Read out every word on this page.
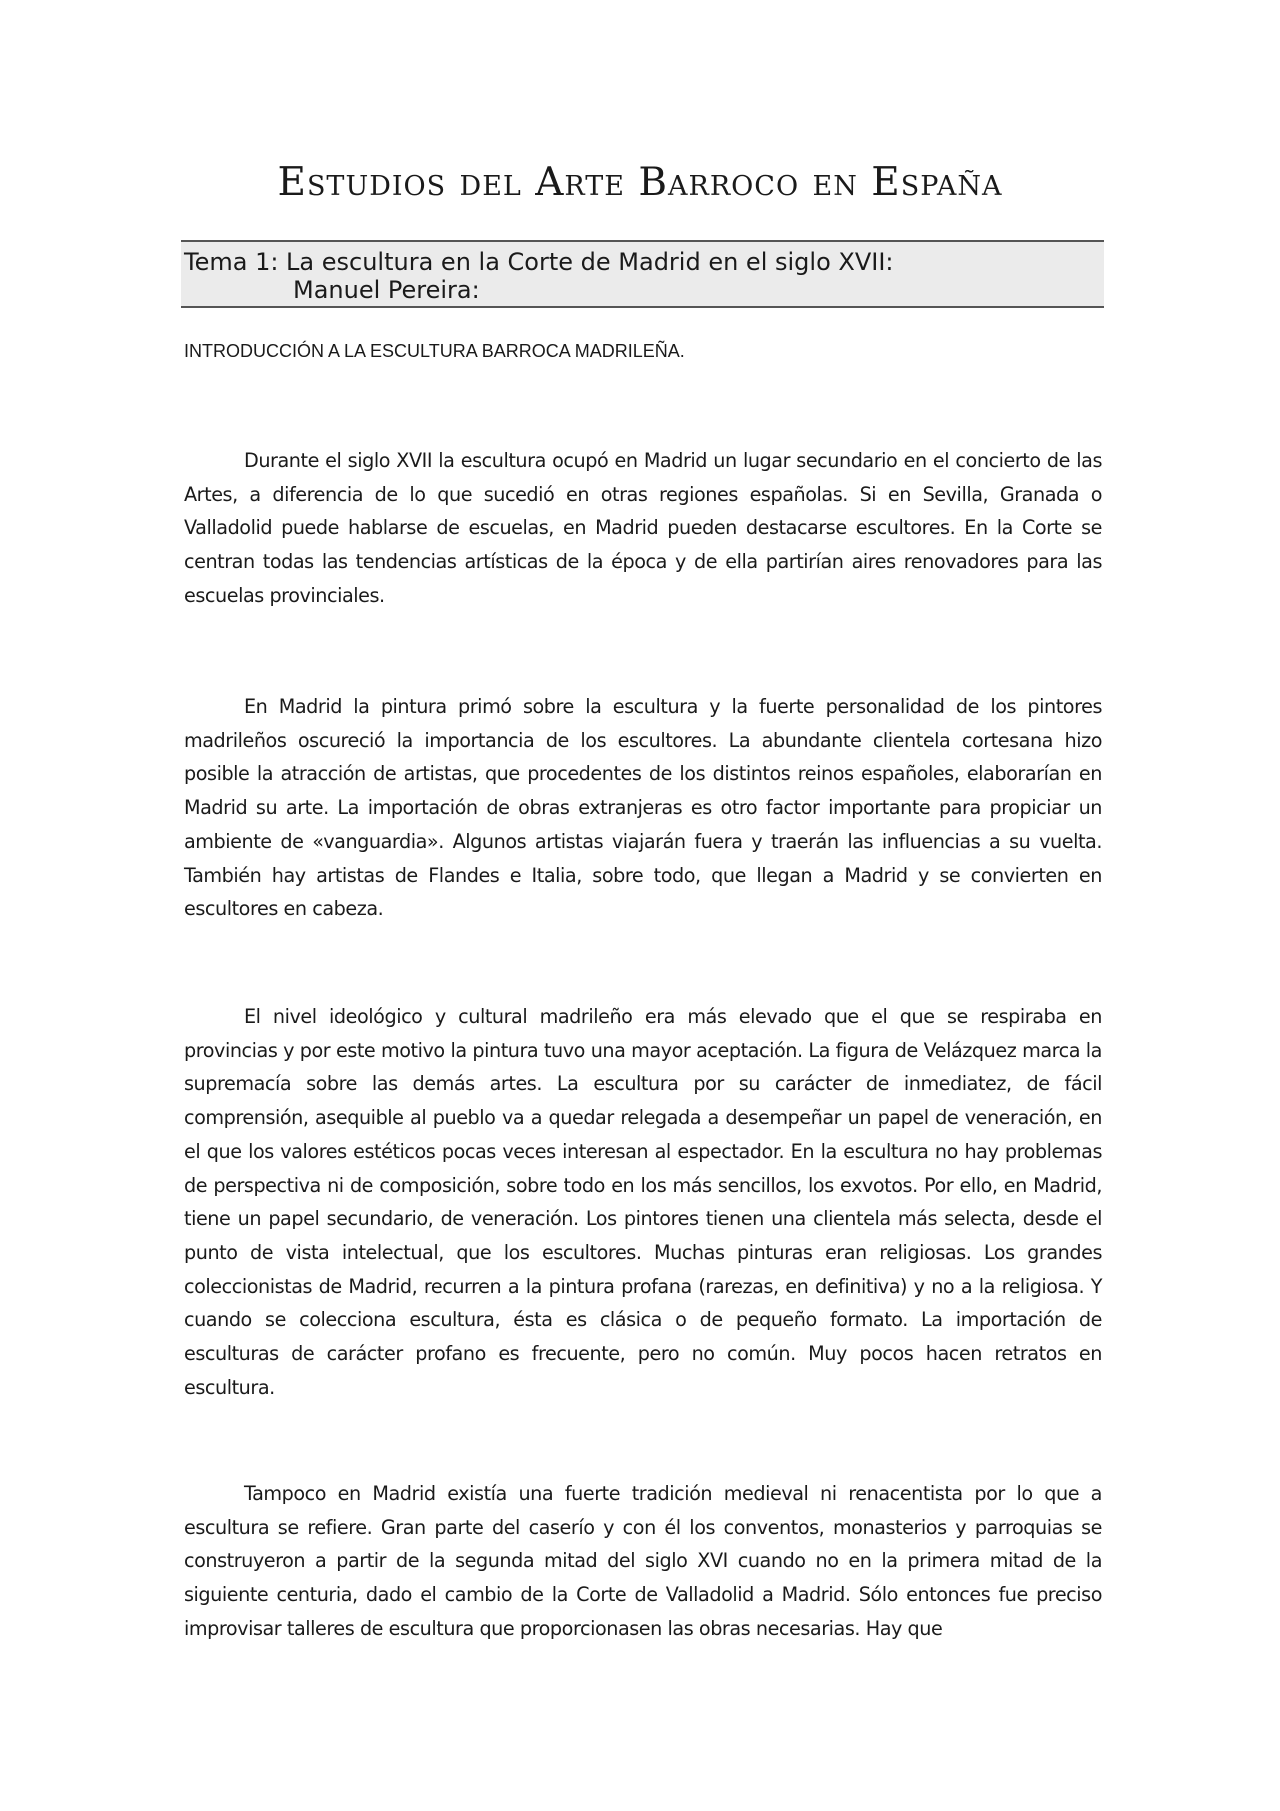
Estudios del Arte Barroco en España
Tema 1: La escultura en la Corte de Madrid en el siglo XVII:
Manuel Pereira:
INTRODUCCIÓN A LA ESCULTURA BARROCA MADRILEÑA.

Durante el siglo XVII la escultura ocupó en Madrid un lugar secundario en el concierto de las Artes, a diferencia de lo que sucedió en otras regiones españolas. Si en Sevilla, Granada o Valladolid puede hablarse de escuelas, en Madrid pueden destacarse escultores. En la Corte se centran todas las tendencias artísticas de la época y de ella partirían aires renovadores para las escuelas provinciales.

En Madrid la pintura primó sobre la escultura y la fuerte personalidad de los pintores madrileños oscureció la importancia de los escultores. La abundante clientela cortesana hizo posible la atracción de artistas, que procedentes de los distintos reinos españoles, elaborarían en Madrid su arte. La importación de obras extranjeras es otro factor importante para propiciar un ambiente de «vanguardia». Algunos artistas viajarán fuera y traerán las influencias a su vuelta. También hay artistas de Flandes e Italia, sobre todo, que llegan a Madrid y se convierten en escultores en cabeza.

El nivel ideológico y cultural madrileño era más elevado que el que se respiraba en provincias y por este motivo la pintura tuvo una mayor aceptación. La figura de Velázquez marca la supremacía sobre las demás artes. La escultura por su carácter de inmediatez, de fácil comprensión, asequible al pueblo va a quedar relegada a desempeñar un papel de veneración, en el que los valores estéticos pocas veces interesan al espectador. En la escultura no hay problemas de perspectiva ni de composición, sobre todo en los más sencillos, los exvotos. Por ello, en Madrid, tiene un papel secundario, de veneración. Los pintores tienen una clientela más selecta, desde el punto de vista intelectual, que los escultores. Muchas pinturas eran religiosas. Los grandes coleccionistas de Madrid, recurren a la pintura profana (rarezas, en definitiva) y no a la religiosa. Y cuando se colecciona escultura, ésta es clásica o de pequeño formato. La importación de esculturas de carácter profano es frecuente, pero no común. Muy pocos hacen retratos en escultura.

Tampoco en Madrid existía una fuerte tradición medieval ni renacentista por lo que a escultura se refiere. Gran parte del caserío y con él los conventos, monasterios y parroquias se construyeron a partir de la segunda mitad del siglo XVI cuando no en la primera mitad de la siguiente centuria, dado el cambio de la Corte de Valladolid a Madrid. Sólo entonces fue preciso improvisar talleres de escultura que proporcionasen las obras necesarias. Hay que
